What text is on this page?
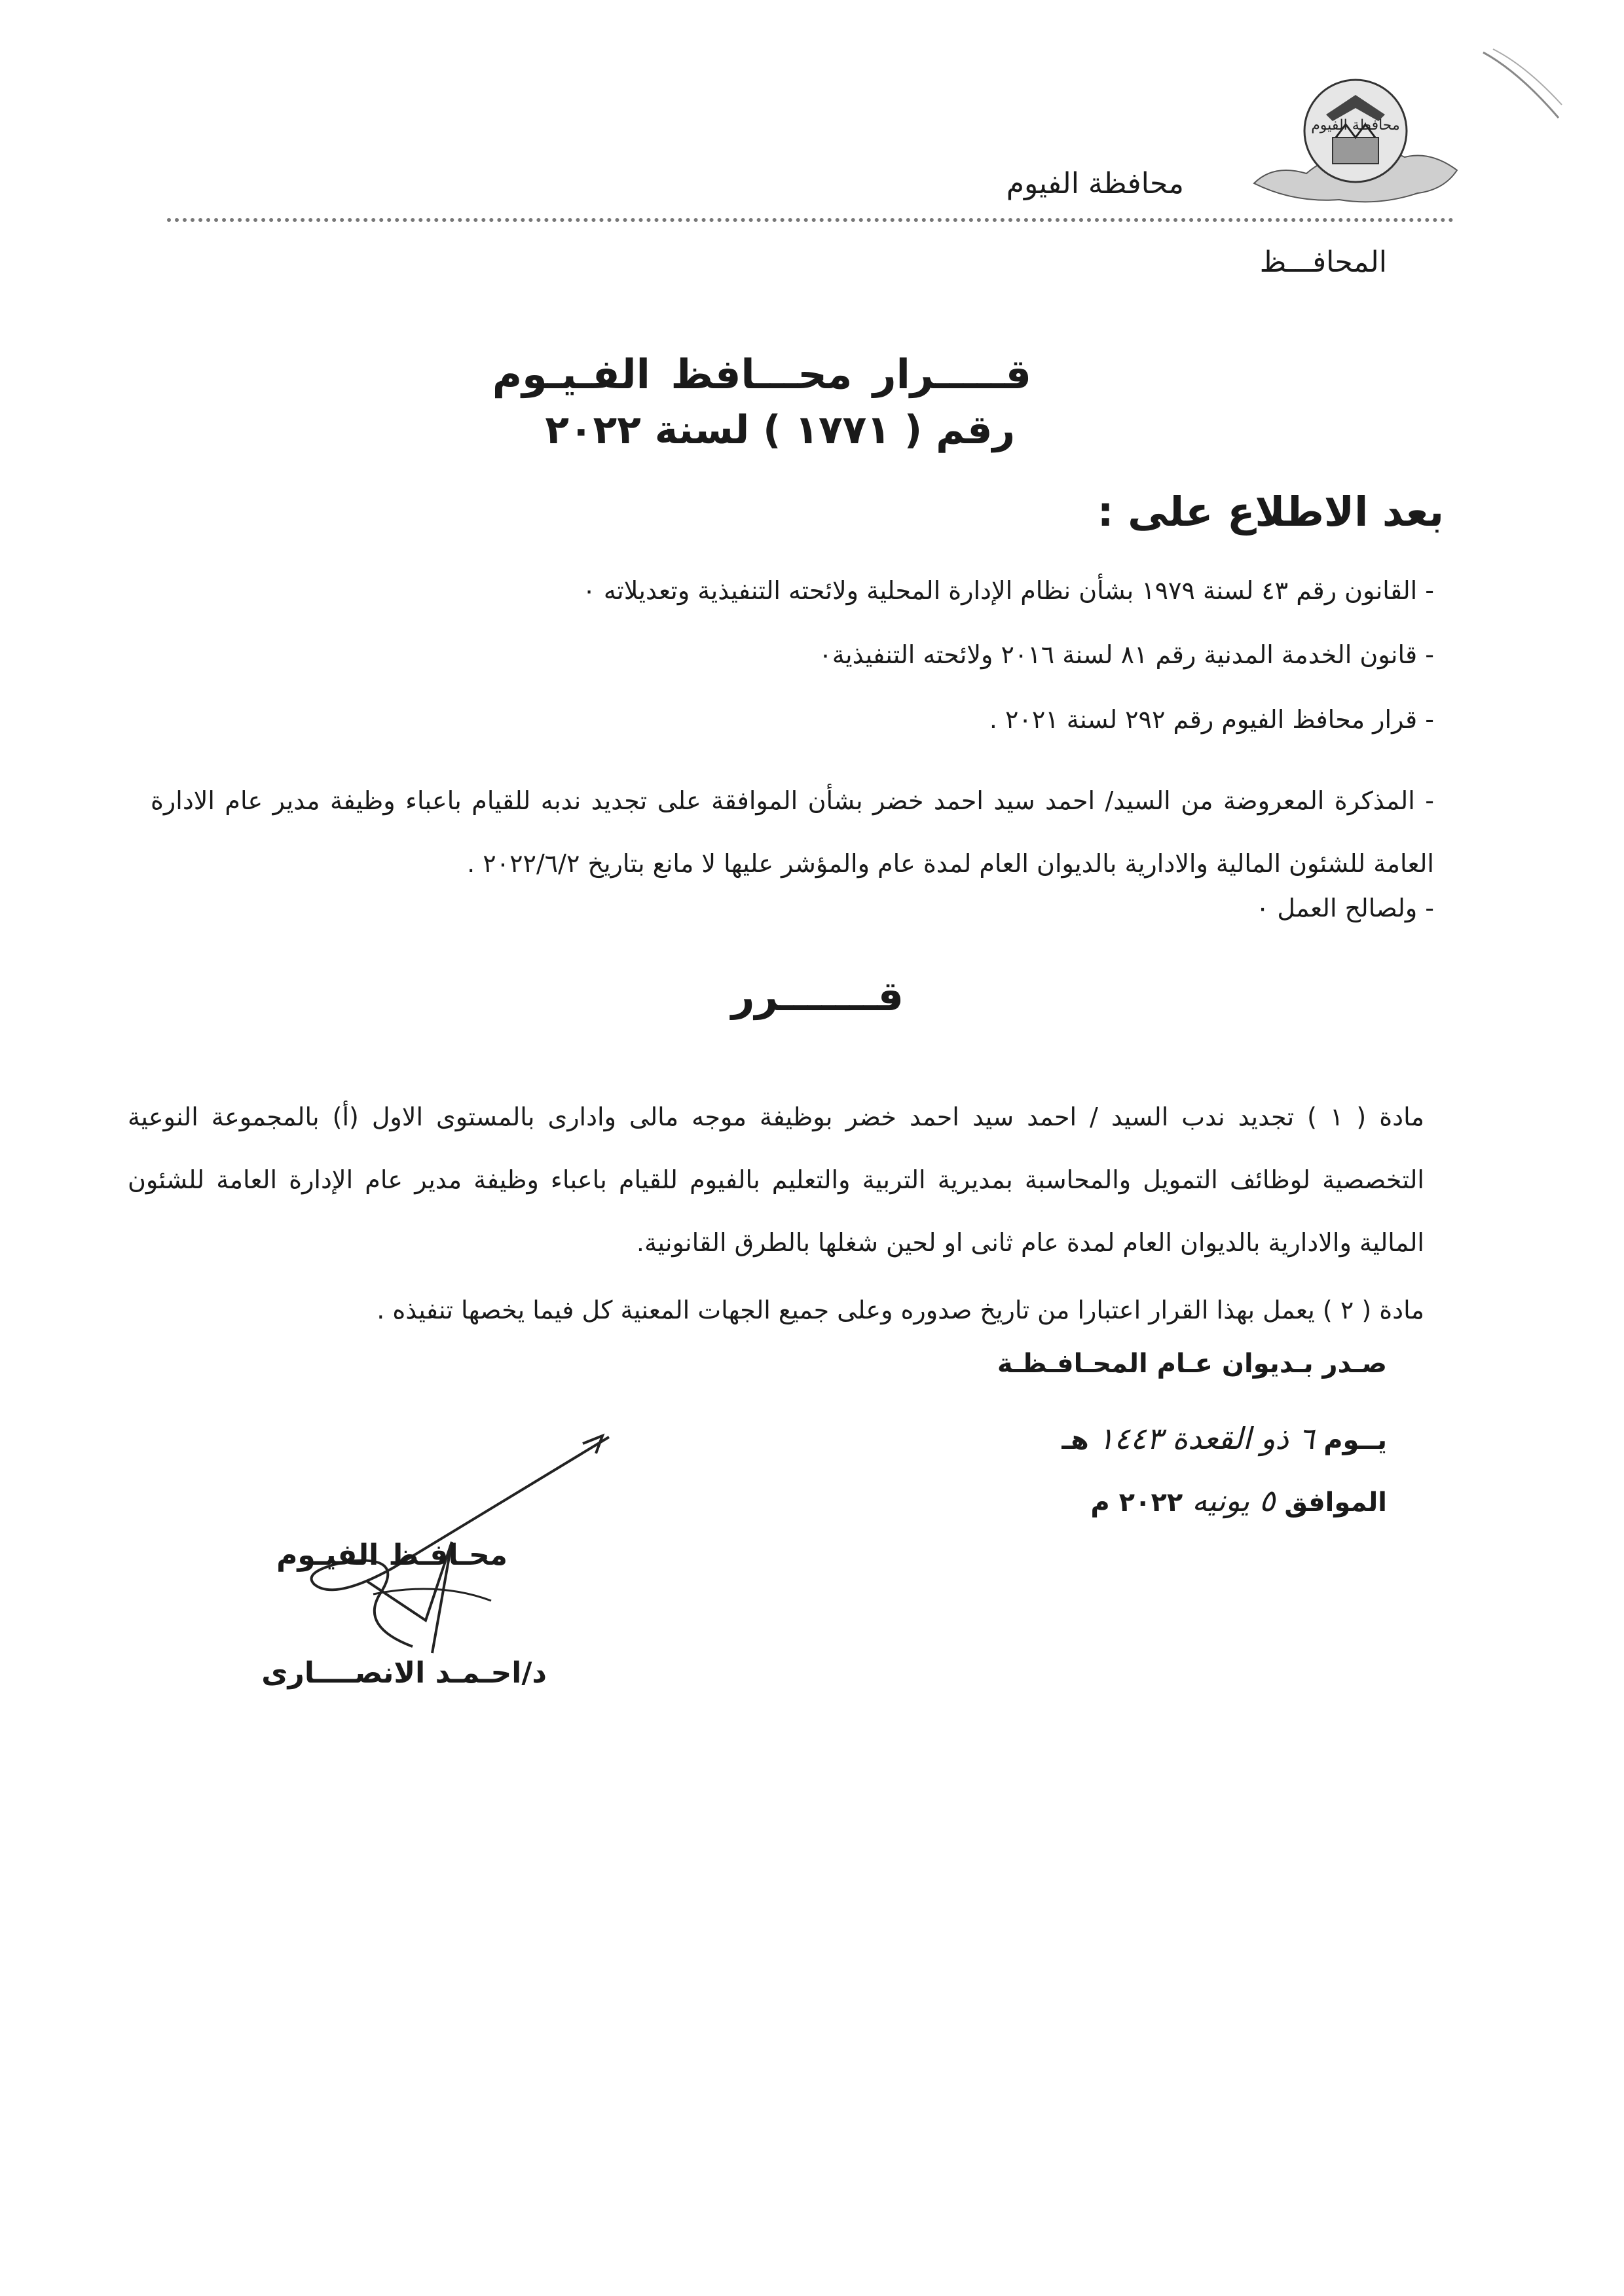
محافظة الفيوم
محافظة الفيوم
المحافـــظ
قـــــرار محـــافظ الفـيـوم
رقم ( ١٧٧١ ) لسنة ٢٠٢٢
بعد الاطلاع على :
- القانون رقم ٤٣ لسنة ١٩٧٩ بشأن نظام الإدارة المحلية ولائحته التنفيذية وتعديلاته ٠
- قانون الخدمة المدنية رقم ٨١ لسنة ٢٠١٦ ولائحته التنفيذية٠
- قرار محافظ الفيوم رقم ٢٩٢ لسنة ٢٠٢١ .
- المذكرة المعروضة من السيد/ احمد سيد احمد خضر بشأن الموافقة على تجديد ندبه للقيام باعباء وظيفة مدير عام الادارة العامة للشئون المالية والادارية بالديوان العام لمدة عام والمؤشر عليها لا مانع بتاريخ ٢٠٢٢/٦/٢ .
- ولصالح العمل ٠
قـــــــرر

مادة ( ١ ) تجديد ندب السيد / احمد سيد احمد خضر بوظيفة موجه مالى وادارى بالمستوى الاول (أ) بالمجموعة النوعية التخصصية لوظائف التمويل والمحاسبة بمديرية التربية والتعليم بالفيوم للقيام باعباء وظيفة مدير عام الإدارة العامة للشئون المالية والادارية بالديوان العام لمدة عام ثانى او لحين شغلها بالطرق القانونية.

مادة ( ٢ ) يعمل بهذا القرار اعتبارا من تاريخ صدوره وعلى جميع الجهات المعنية كل فيما يخصها تنفيذه .

صـدر بـديوان عـام المحـافـظـة
يــوم ٦ ذو القعدة ١٤٤٣ هـ
الموافق ٥ يونيه ٢٠٢٢ م
محـافـظ الفيـوم
د/احـمـد الانصــــارى
